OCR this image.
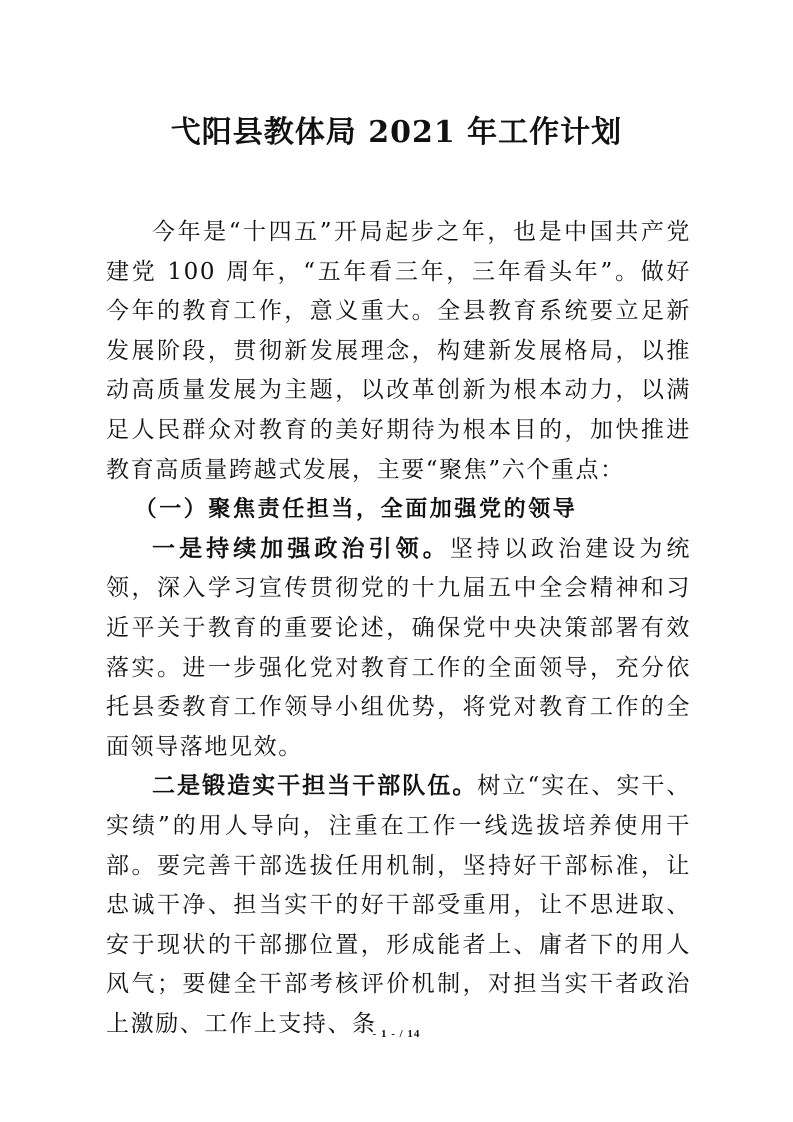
弋阳县教体局 2021 年工作计划

今年是“十四五”开局起步之年，也是中国共产党建党 100 周年，“五年看三年，三年看头年”。做好今年的教育工作，意义重大。全县教育系统要立足新发展阶段，贯彻新发展理念，构建新发展格局，以推动高质量发展为主题，以改革创新为根本动力，以满足人民群众对教育的美好期待为根本目的，加快推进教育高质量跨越式发展，主要“聚焦”六个重点：

（一）聚焦责任担当，全面加强党的领导

一是持续加强政治引领。坚持以政治建设为统领，深入学习宣传贯彻党的十九届五中全会精神和习近平关于教育的重要论述，确保党中央决策部署有效落实。进一步强化党对教育工作的全面领导，充分依托县委教育工作领导小组优势，将党对教育工作的全面领导落地见效。

二是锻造实干担当干部队伍。树立“实在、实干、实绩”的用人导向，注重在工作一线选拔培养使用干部。要完善干部选拔任用机制，坚持好干部标准，让忠诚干净、担当实干的好干部受重用，让不思进取、安于现状的干部挪位置，形成能者上、庸者下的用人风气；要健全干部考核评价机制，对担当实干者政治上激励、工作上支持、条

- 1 - / 14
